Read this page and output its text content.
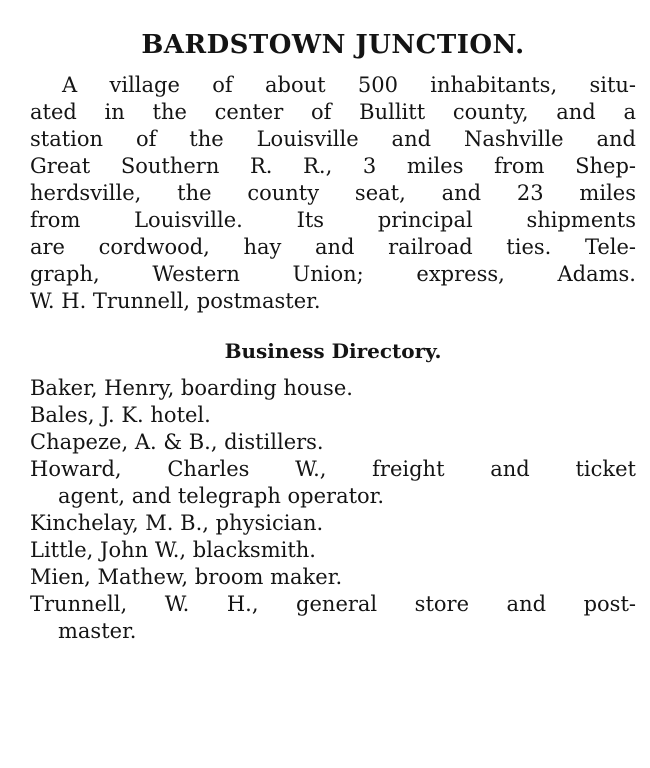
BARDSTOWN JUNCTION.

A village of about 500 inhabitants, situ-
ated in the center of Bullitt county, and a
station of the Louisville and Nashville and
Great Southern R. R., 3 miles from Shep-
herdsville, the county seat, and 23 miles
from Louisville. Its principal shipments
are cordwood, hay and railroad ties. Tele-
graph, Western Union; express, Adams.
W. H. Trunnell, postmaster.

Business Directory.
Baker, Henry, boarding house.
Bales, J. K. hotel.
Chapeze, A. & B., distillers.
Howard, Charles W., freight and ticket
agent, and telegraph operator.
Kinchelay, M. B., physician.
Little, John W., blacksmith.
Mien, Mathew, broom maker.
Trunnell, W. H., general store and post-
master.
